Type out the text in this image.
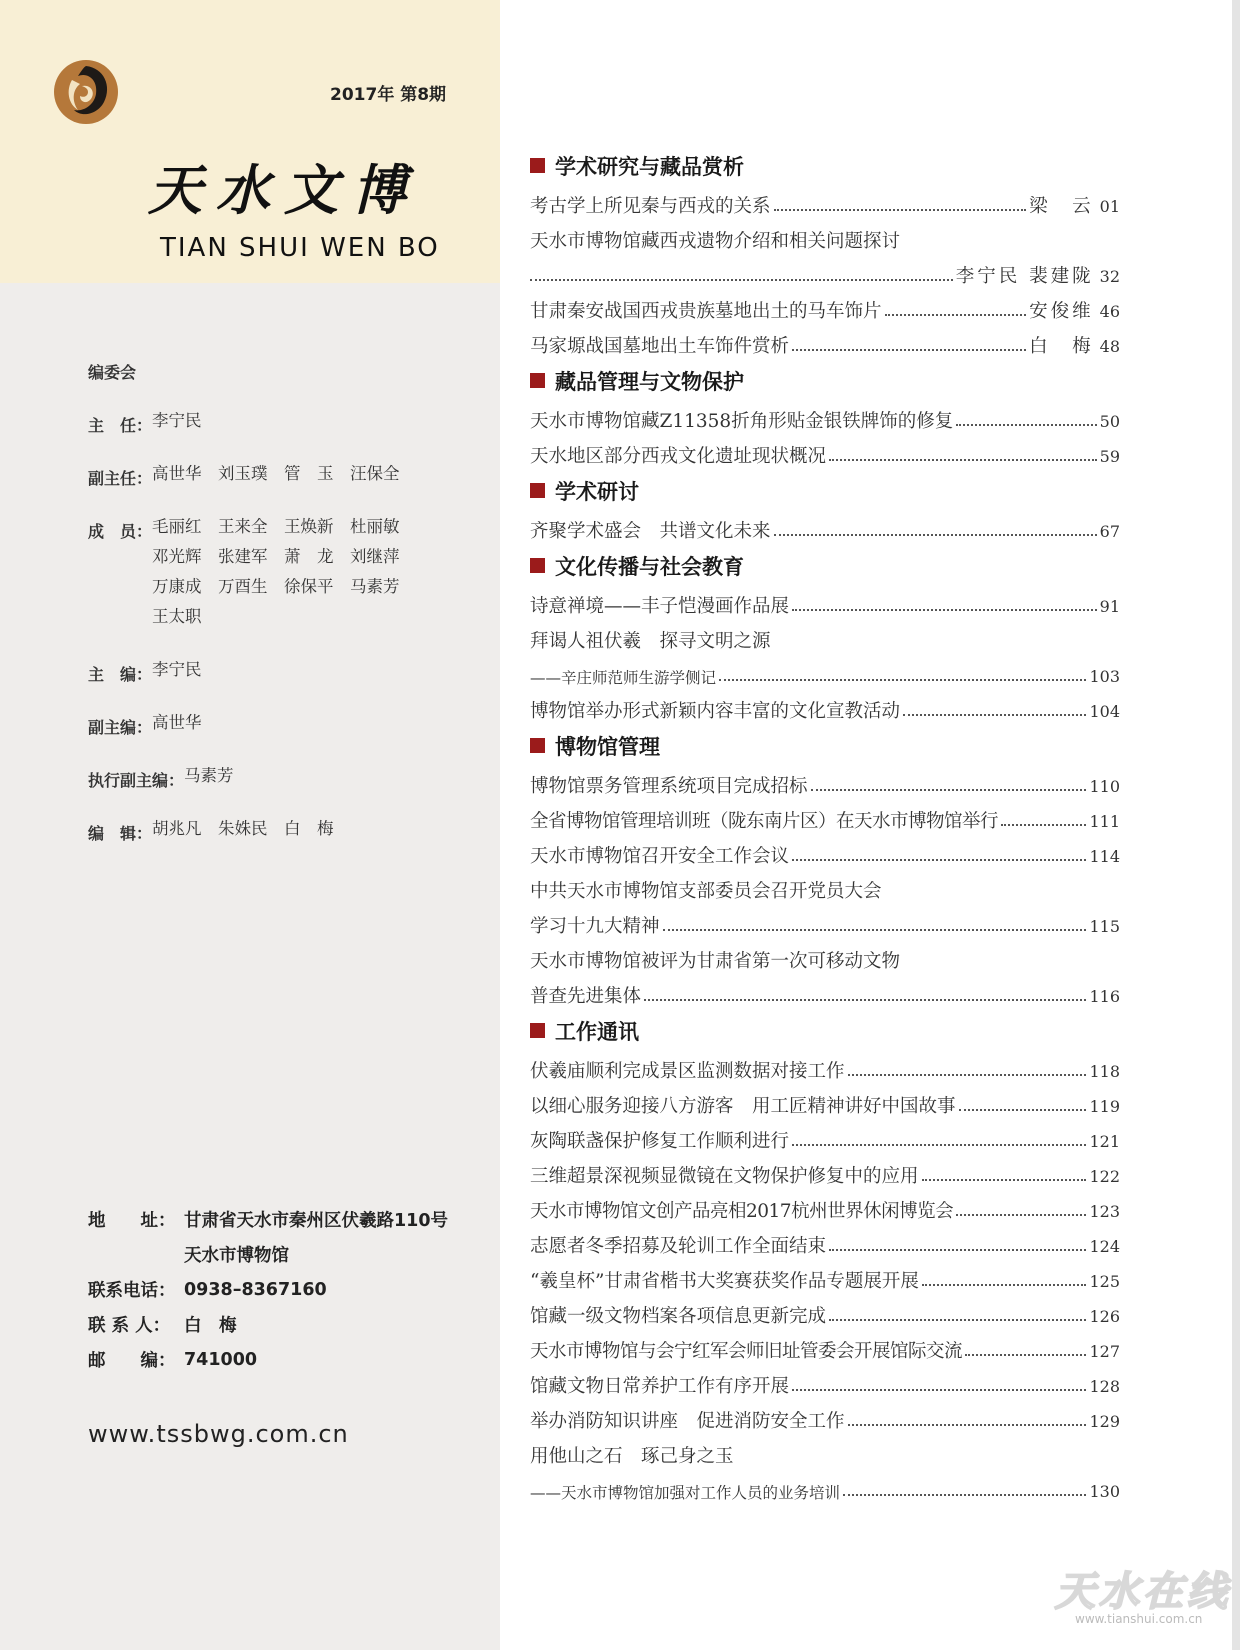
2017年 第8期
天水文博
TIAN SHUI WEN BO
编委会
主　任： 李宁民
副主任： 高世华　刘玉璞　管　玉　汪保全
成　员： 毛丽红　王来全　王焕新　杜丽敏
邓光辉　张建军　萧　龙　刘继萍
万康成　万酉生　徐保平　马素芳
王太职
主　编： 李宁民
副主编： 高世华
执行副主编： 马素芳
编　辑： 胡兆凡　朱姝民　白　梅
地　　址： 甘肃省天水市秦州区伏羲路110号
天水市博物馆
联系电话： 0938–8367160
联 系 人： 白　梅
邮　　编： 741000
www.tssbwg.com.cn
学术研究与藏品赏析
考古学上所见秦与西戎的关系	梁　云 01
天水市博物馆藏西戎遗物介绍和相关问题探讨
李宁民 裴建陇 32
甘肃秦安战国西戎贵族墓地出土的马车饰片	安俊维 46
马家塬战国墓地出土车饰件赏析	白　梅 48
藏品管理与文物保护
天水市博物馆藏Z11358折角形贴金银铁牌饰的修复	50
天水地区部分西戎文化遗址现状概况	59
学术研讨
齐聚学术盛会　共谱文化未来	67
文化传播与社会教育
诗意禅境——丰子恺漫画作品展	91
拜谒人祖伏羲　探寻文明之源
——辛庄师范师生游学侧记	103
博物馆举办形式新颖内容丰富的文化宣教活动	104
博物馆管理
博物馆票务管理系统项目完成招标	110
全省博物馆管理培训班（陇东南片区）在天水市博物馆举行	111
天水市博物馆召开安全工作会议	114
中共天水市博物馆支部委员会召开党员大会
学习十九大精神	115
天水市博物馆被评为甘肃省第一次可移动文物
普查先进集体	116
工作通讯
伏羲庙顺利完成景区监测数据对接工作	118
以细心服务迎接八方游客　用工匠精神讲好中国故事	119
灰陶联盏保护修复工作顺利进行	121
三维超景深视频显微镜在文物保护修复中的应用	122
天水市博物馆文创产品亮相2017杭州世界休闲博览会	123
志愿者冬季招募及轮训工作全面结束	124
“羲皇杯”甘肃省楷书大奖赛获奖作品专题展开展	125
馆藏一级文物档案各项信息更新完成	126
天水市博物馆与会宁红军会师旧址管委会开展馆际交流	127
馆藏文物日常养护工作有序开展	128
举办消防知识讲座　促进消防安全工作	129
用他山之石　琢己身之玉
——天水市博物馆加强对工作人员的业务培训	130
天水在线
www.tianshui.com.cn
